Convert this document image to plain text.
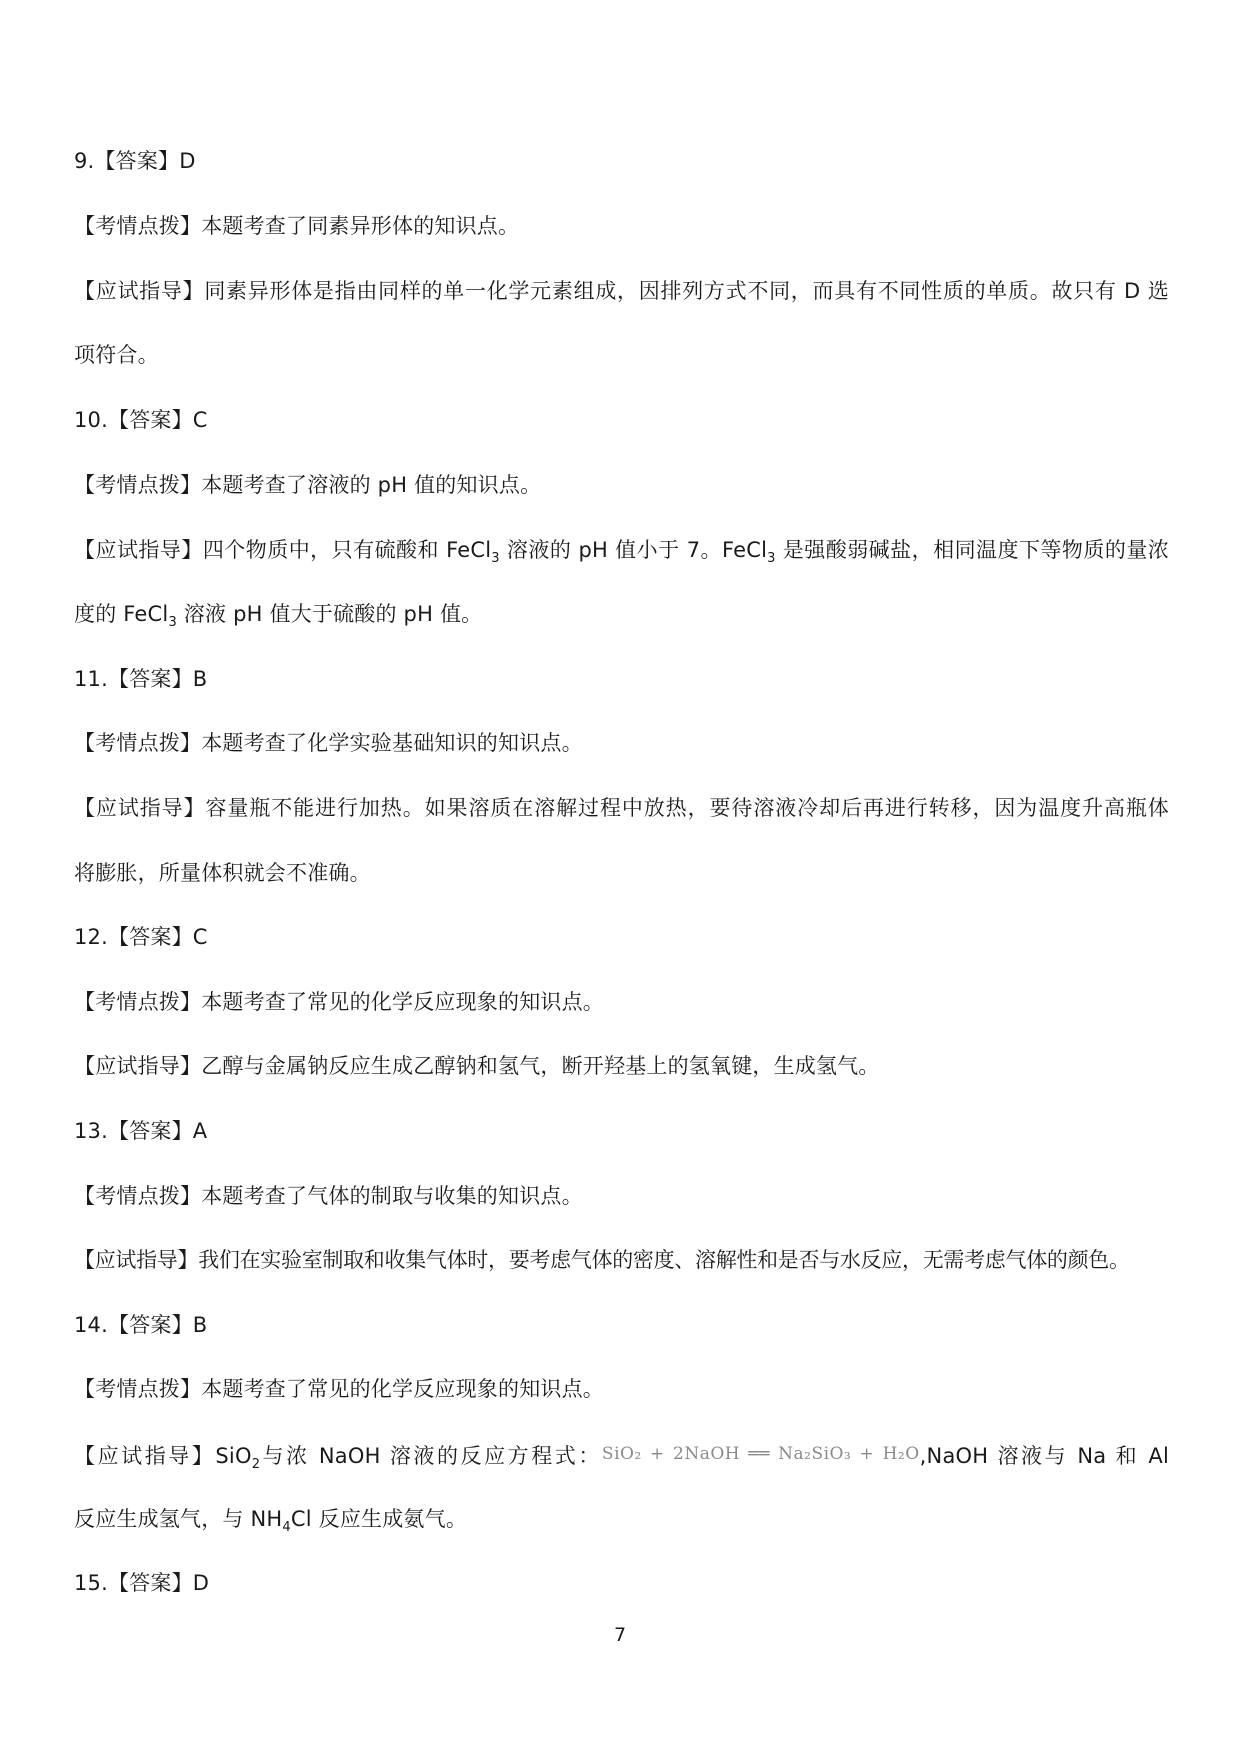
9.【答案】D
【考情点拨】本题考查了同素异形体的知识点。
【应试指导】同素异形体是指由同样的单一化学元素组成，因排列方式不同，而具有不同性质的单质。故只有 D 选
项符合。
10.【答案】C
【考情点拨】本题考查了溶液的 pH 值的知识点。
【应试指导】四个物质中，只有硫酸和 FeCl$_3$ 溶液的 pH 值小于 7。FeCl$_3$ 是强酸弱碱盐，相同温度下等物质的量浓
度的 FeCl$_3$ 溶液 pH 值大于硫酸的 pH 值。
11.【答案】B
【考情点拨】本题考查了化学实验基础知识的知识点。
【应试指导】容量瓶不能进行加热。如果溶质在溶解过程中放热，要待溶液冷却后再进行转移，因为温度升高瓶体
将膨胀，所量体积就会不准确。
12.【答案】C
【考情点拨】本题考查了常见的化学反应现象的知识点。
【应试指导】乙醇与金属钠反应生成乙醇钠和氢气，断开羟基上的氢氧键，生成氢气。
13.【答案】A
【考情点拨】本题考查了气体的制取与收集的知识点。
【应试指导】我们在实验室制取和收集气体时，要考虑气体的密度、溶解性和是否与水反应，无需考虑气体的颜色。
14.【答案】B
【考情点拨】本题考查了常见的化学反应现象的知识点。
【应试指导】SiO$_2$与浓 NaOH 溶液的反应方程式：SiO₂ + 2NaOH ══ Na₂SiO₃ + H₂O,NaOH 溶液与 Na 和 Al
反应生成氢气，与 $NH_4Cl$ 反应生成氨气。
15.【答案】D
7
